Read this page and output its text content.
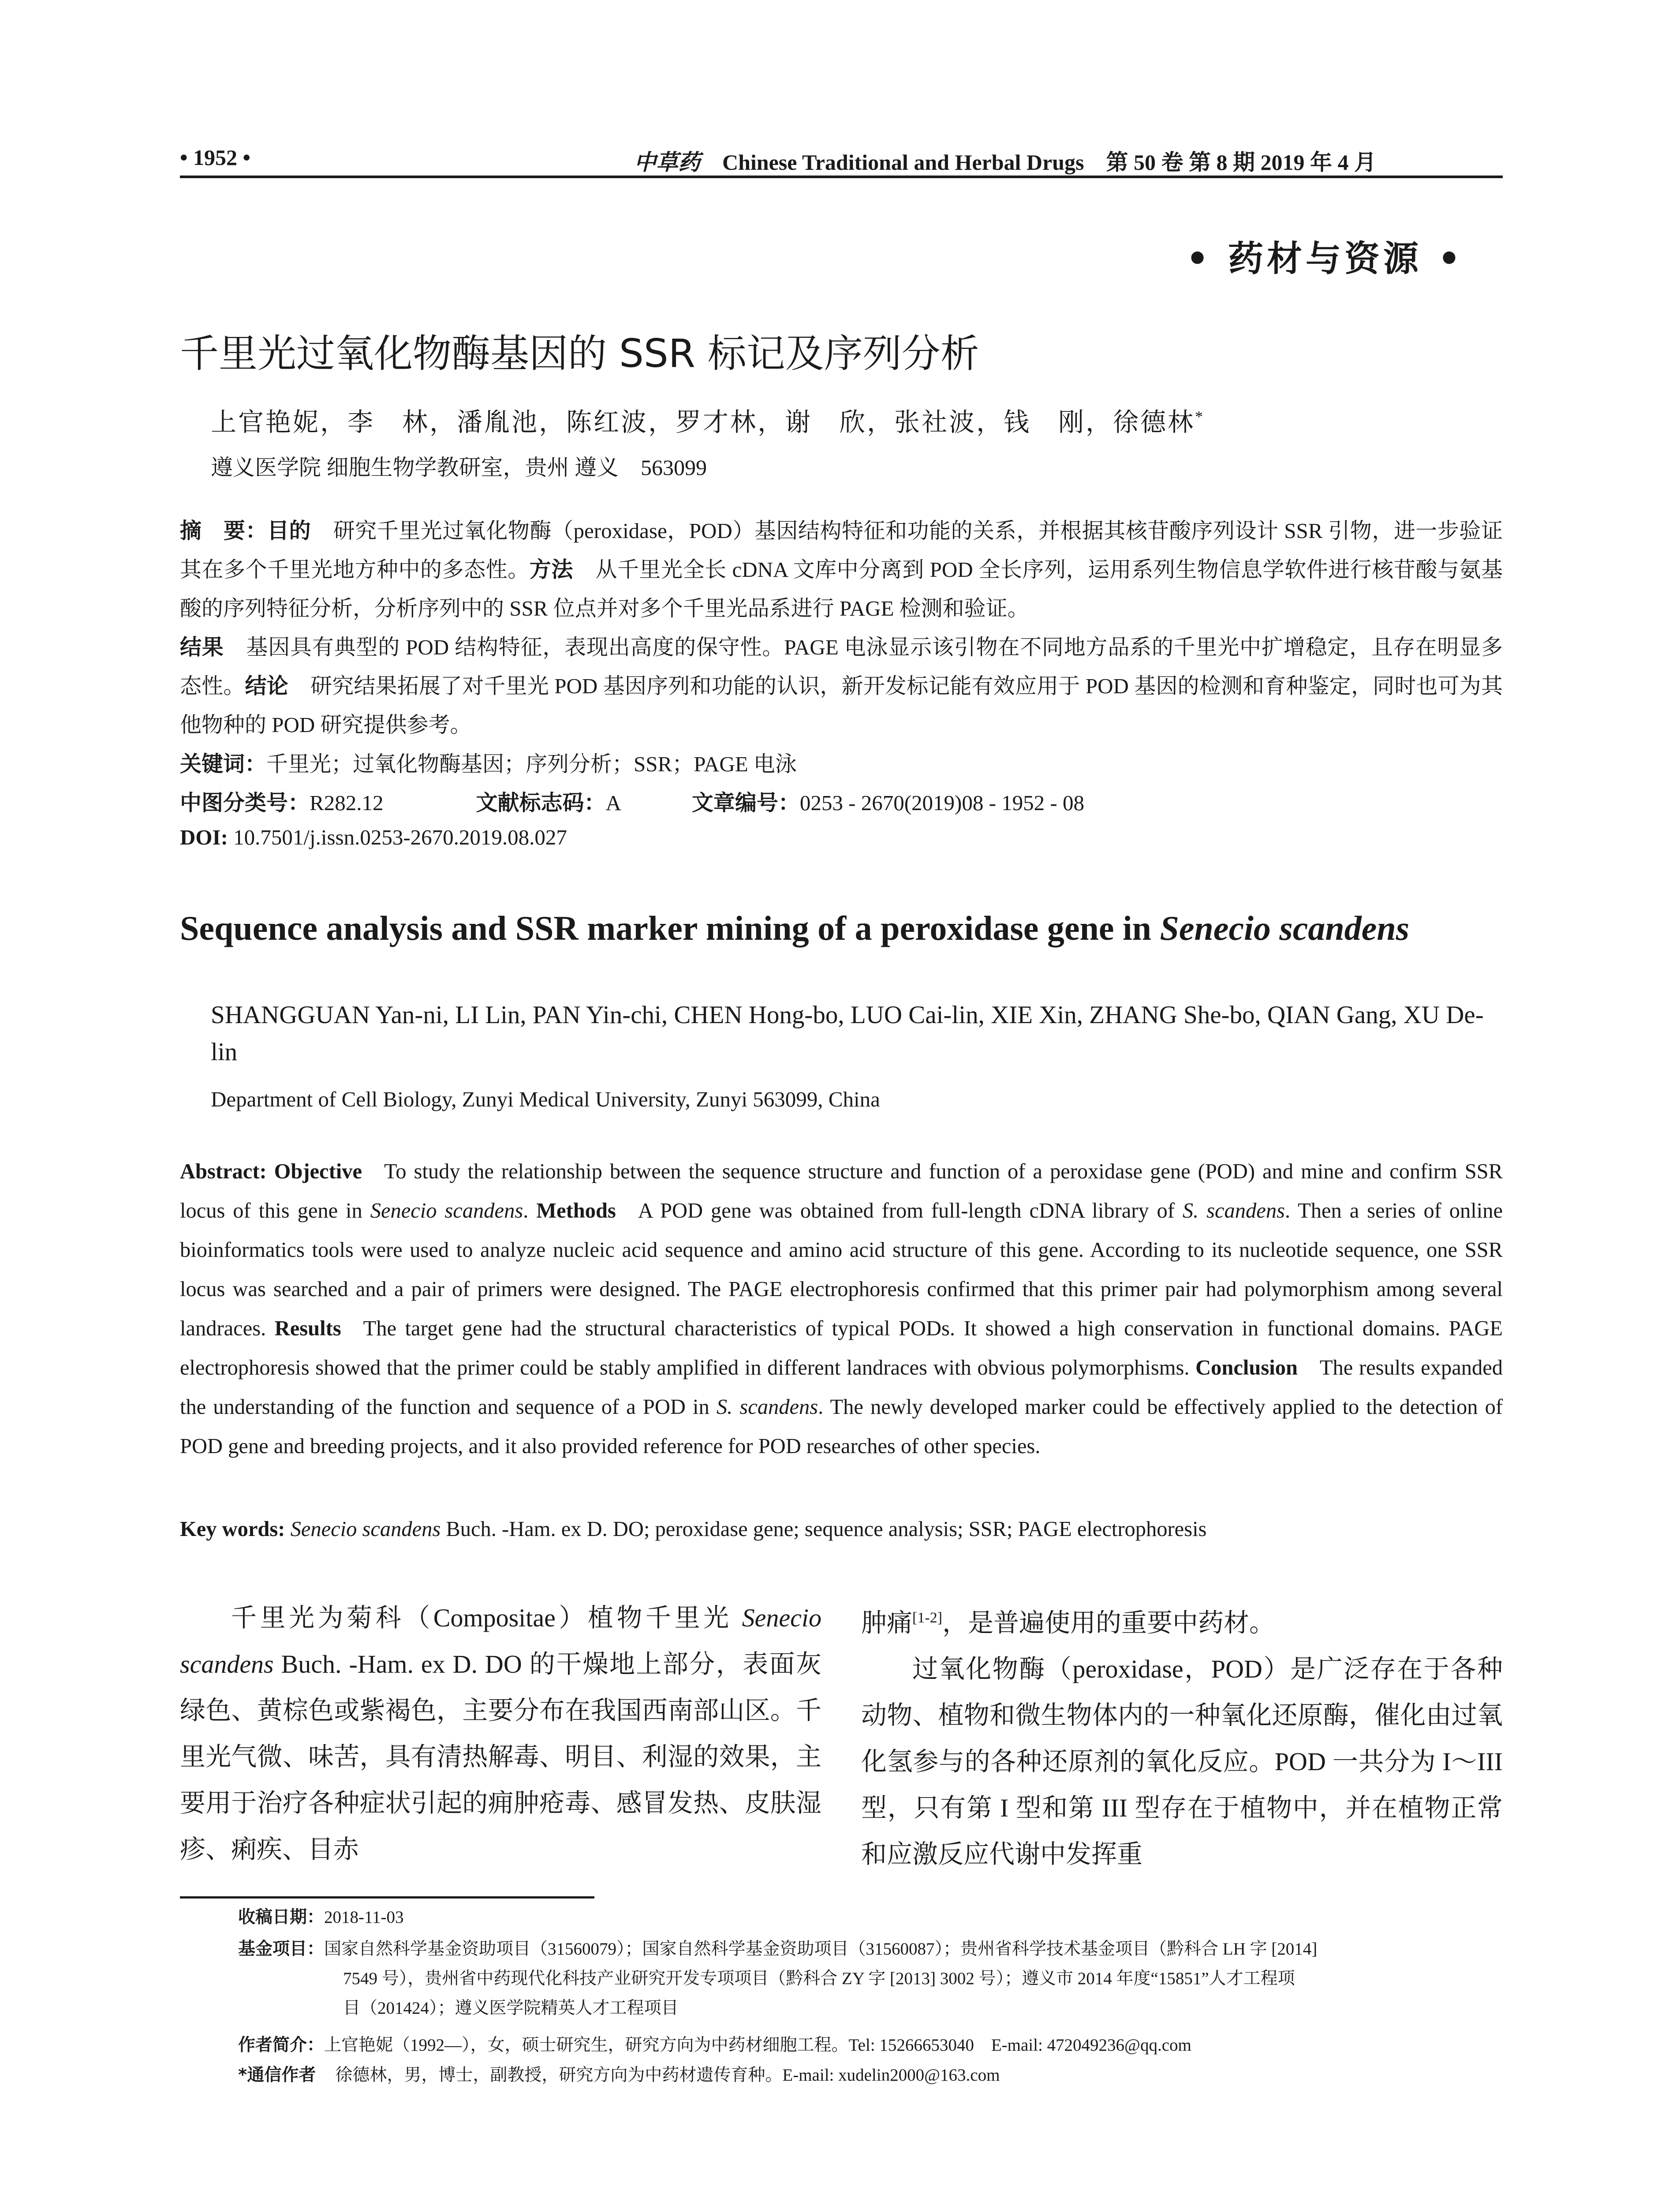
• 1952 •	中草药 Chinese Traditional and Herbal Drugs　第 50 卷 第 8 期 2019 年 4 月
• 药材与资源 •
千里光过氧化物酶基因的 SSR 标记及序列分析
上官艳妮，李　林，潘胤池，陈红波，罗才林，谢　欣，张社波，钱　刚，徐德林*
遵义医学院 细胞生物学教研室，贵州 遵义　563099
摘　要：目的 研究千里光过氧化物酶（peroxidase，POD）基因结构特征和功能的关系，并根据其核苷酸序列设计 SSR 引物，进一步验证其在多个千里光地方种中的多态性。方法 从千里光全长 cDNA 文库中分离到 POD 全长序列，运用系列生物信息学软件进行核苷酸与氨基酸的序列特征分析，分析序列中的 SSR 位点并对多个千里光品系进行 PAGE 检测和验证。
结果 基因具有典型的 POD 结构特征，表现出高度的保守性。PAGE 电泳显示该引物在不同地方品系的千里光中扩增稳定，且存在明显多态性。结论 研究结果拓展了对千里光 POD 基因序列和功能的认识，新开发标记能有效应用于 POD 基因的检测和育种鉴定，同时也可为其他物种的 POD 研究提供参考。
关键词：千里光；过氧化物酶基因；序列分析；SSR；PAGE 电泳
中图分类号：R282.12	文献标志码：A	文章编号：0253 - 2670(2019)08 - 1952 - 08
DOI: 10.7501/j.issn.0253-2670.2019.08.027
Sequence analysis and SSR marker mining of a peroxidase gene in Senecio scandens
SHANGGUAN Yan-ni, LI Lin, PAN Yin-chi, CHEN Hong-bo, LUO Cai-lin, XIE Xin, ZHANG She-bo, QIAN Gang, XU De-lin
Department of Cell Biology, Zunyi Medical University, Zunyi 563099, China
Abstract: Objective To study the relationship between the sequence structure and function of a peroxidase gene (POD) and mine and confirm SSR locus of this gene in Senecio scandens. Methods A POD gene was obtained from full-length cDNA library of S. scandens. Then a series of online bioinformatics tools were used to analyze nucleic acid sequence and amino acid structure of this gene. According to its nucleotide sequence, one SSR locus was searched and a pair of primers were designed. The PAGE electrophoresis confirmed that this primer pair had polymorphism among several landraces. Results The target gene had the structural characteristics of typical PODs. It showed a high conservation in functional domains. PAGE electrophoresis showed that the primer could be stably amplified in different landraces with obvious polymorphisms. Conclusion The results expanded the understanding of the function and sequence of a POD in S. scandens. The newly developed marker could be effectively applied to the detection of POD gene and breeding projects, and it also provided reference for POD researches of other species.
Key words: Senecio scandens Buch. -Ham. ex D. DO; peroxidase gene; sequence analysis; SSR; PAGE electrophoresis

千里光为菊科（Compositae）植物千里光 Senecio scandens Buch. -Ham. ex D. DO 的干燥地上部分，表面灰绿色、黄棕色或紫褐色，主要分布在我国西南部山区。千里光气微、味苦，具有清热解毒、明目、利湿的效果，主要用于治疗各种症状引起的痈肿疮毒、感冒发热、皮肤湿疹、痢疾、目赤

肿痛[1-2]，是普遍使用的重要中药材。

过氧化物酶（peroxidase，POD）是广泛存在于各种动物、植物和微生物体内的一种氧化还原酶，催化由过氧化氢参与的各种还原剂的氧化反应。POD 一共分为 I～III 型，只有第 I 型和第 III 型存在于植物中，并在植物正常和应激反应代谢中发挥重

收稿日期：2018-11-03
基金项目：国家自然科学基金资助项目（31560079）；国家自然科学基金资助项目（31560087）；贵州省科学技术基金项目（黔科合 LH 字 [2014]
7549 号），贵州省中药现代化科技产业研究开发专项项目（黔科合 ZY 字 [2013] 3002 号）；遵义市 2014 年度“15851”人才工程项
目（201424）；遵义医学院精英人才工程项目
作者简介：上官艳妮（1992—），女，硕士研究生，研究方向为中药材细胞工程。Tel: 15266653040　E-mail: 472049236@qq.com
*通信作者 徐德林，男，博士，副教授，研究方向为中药材遗传育种。E-mail: xudelin2000@163.com
